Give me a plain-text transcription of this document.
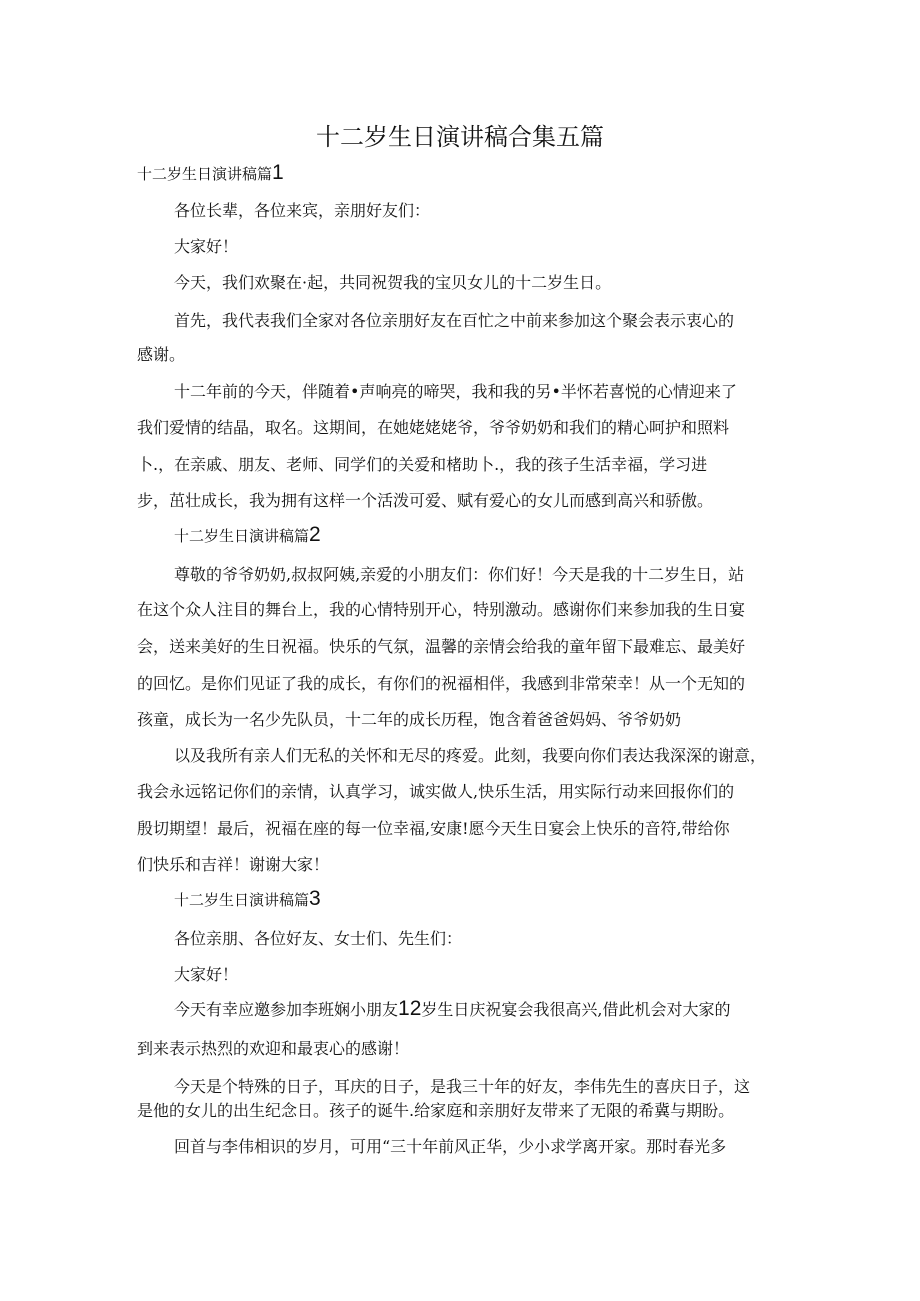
十二岁生日演讲稿合集五篇
十二岁生日演讲稿篇1
各位长辈，各位来宾，亲朋好友们：
大家好！
今天，我们欢聚在·起，共同祝贺我的宝贝女儿的十二岁生日。
首先，我代表我们全家对各位亲朋好友在百忙之中前来参加这个聚会表示衷心的
感谢。
十二年前的今天，伴随着•声响亮的啼哭，我和我的另•半怀若喜悦的心情迎来了
我们爱情的结晶，取名。这期间，在她姥姥姥爷，爷爷奶奶和我们的精心呵护和照料
卜.，在亲戚、朋友、老师、同学们的关爱和楮助卜.，我的孩子生活幸福，学习进
步，茁壮成长，我为拥有这样一个活泼可爱、赋有爱心的女儿而感到高兴和骄傲。
十二岁生日演讲稿篇2
尊敬的爷爷奶奶,叔叔阿姨,亲爱的小朋友们：你们好！今天是我的十二岁生日，站
在这个众人注目的舞台上，我的心情特别开心，特别激动。感谢你们来参加我的生日宴
会，送来美好的生日祝福。快乐的气氛，温馨的亲情会给我的童年留下最难忘、最美好
的回忆。是你们见证了我的成长，有你们的祝福相伴，我感到非常荣幸！从一个无知的
孩童，成长为一名少先队员，十二年的成长历程，饱含着爸爸妈妈、爷爷奶奶
以及我所有亲人们无私的关怀和无尽的疼爱。此刻，我要向你们表达我深深的谢意，
我会永远铭记你们的亲情，认真学习，诚实做人,快乐生活，用实际行动来回报你们的
殷切期望！最后，祝福在座的每一位幸福,安康!愿今天生日宴会上快乐的音符,带给你
们快乐和吉祥！谢谢大家！
十二岁生日演讲稿篇3
各位亲朋、各位好友、女士们、先生们：
大家好！
今天有幸应邀参加李班娴小朋友12岁生日庆祝宴会我很高兴,借此机会对大家的
到来表示热烈的欢迎和最衷心的感谢！
今天是个特殊的日子，耳庆的日子，是我三十年的好友，李伟先生的喜庆日子，这
是他的女儿的出生纪念日。孩子的诞牛.给家庭和亲朋好友带来了无限的希冀与期盼。
回首与李伟相识的岁月，可用“三十年前风正华，少小求学离开家。那时春光多
